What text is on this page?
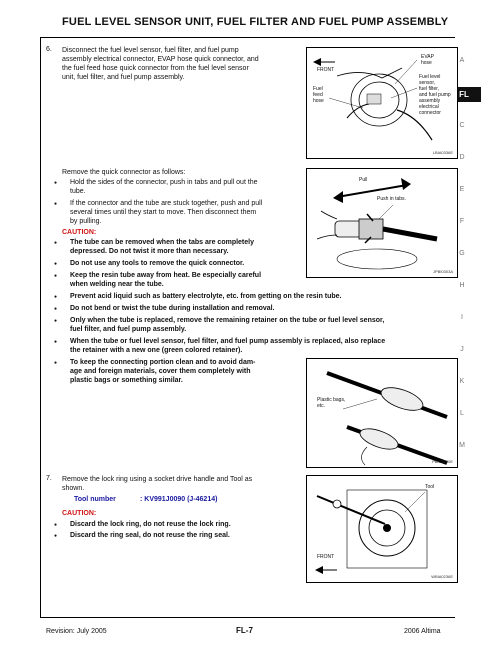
FUEL LEVEL SENSOR UNIT, FUEL FILTER AND FUEL PUMP ASSEMBLY
A
FL
C
D
E
F
G
H
I
J
K
L
M
6. Disconnect the fuel level sensor, fuel filter, and fuel pump
assembly electrical connector, EVAP hose quick connector, and
the fuel feed hose quick connector from the fuel level sensor
unit, fuel filter, and fuel pump assembly.
FRONT
EVAP
hose
Fuel level
sensor,
fuel filter,
and fuel pump
assembly
electrical
connector
Fuel
feed
hose
LBIA0336E
Remove the quick connector as follows:
Hold the sides of the connector, push in tabs and pull out the
tube.
If the connector and the tube are stuck together, push and pull
several times until they start to move. Then disconnect them
by pulling.
CAUTION:
The tube can be removed when the tabs are completely
depressed. Do not twist it more than necessary.
Do not use any tools to remove the quick connector.
Keep the resin tube away from heat. Be especially careful
when welding near the tube.
Prevent acid liquid such as battery electrolyte, etc. from getting on the resin tube.
Do not bend or twist the tube during installation and removal.
Only when the tube is replaced, remove the remaining retainer on the tube or fuel level sensor,
fuel filter, and fuel pump assembly.
When the tube or fuel level sensor, fuel filter, and fuel pump assembly is replaced, also replace
the retainer with a new one (green colored retainer).
To keep the connecting portion clean and to avoid dam-
age and foreign materials, cover them completely with
plastic bags or something similar.
Pull
Push in tabs.
JPBI0303A
Plastic bags,
etc.
PBIC0160E
7. Remove the lock ring using a socket drive handle and Tool as
shown.
Tool number	: KV991J0090 (J-46214)
CAUTION:
Discard the lock ring, do not reuse the lock ring.
Discard the ring seal, do not reuse the ring seal.
Tool
FRONT
WBIA0236E
Revision: July 2005	FL-7	2006 Altima
